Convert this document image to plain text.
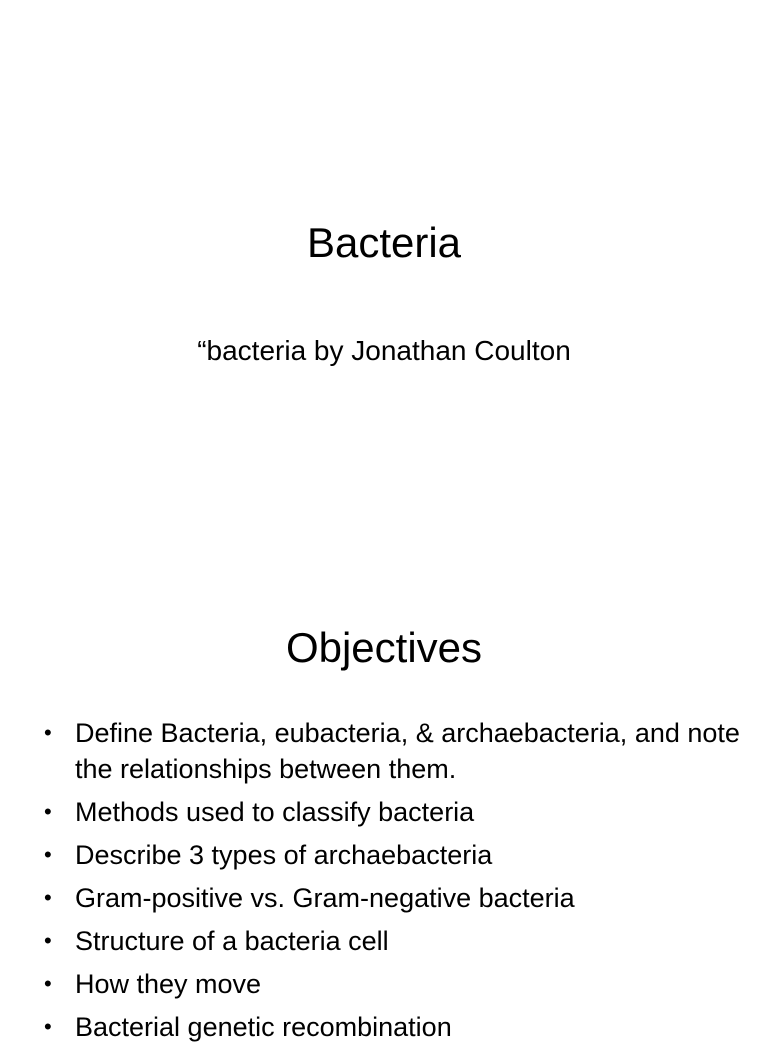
Bacteria
“bacteria by Jonathan Coulton
Objectives
• Define Bacteria, eubacteria, & archaebacteria, and note the relationships between them.
• Methods used to classify bacteria
• Describe 3 types of archaebacteria
• Gram-positive vs. Gram-negative bacteria
• Structure of a bacteria cell
• How they move
• Bacterial genetic recombination
